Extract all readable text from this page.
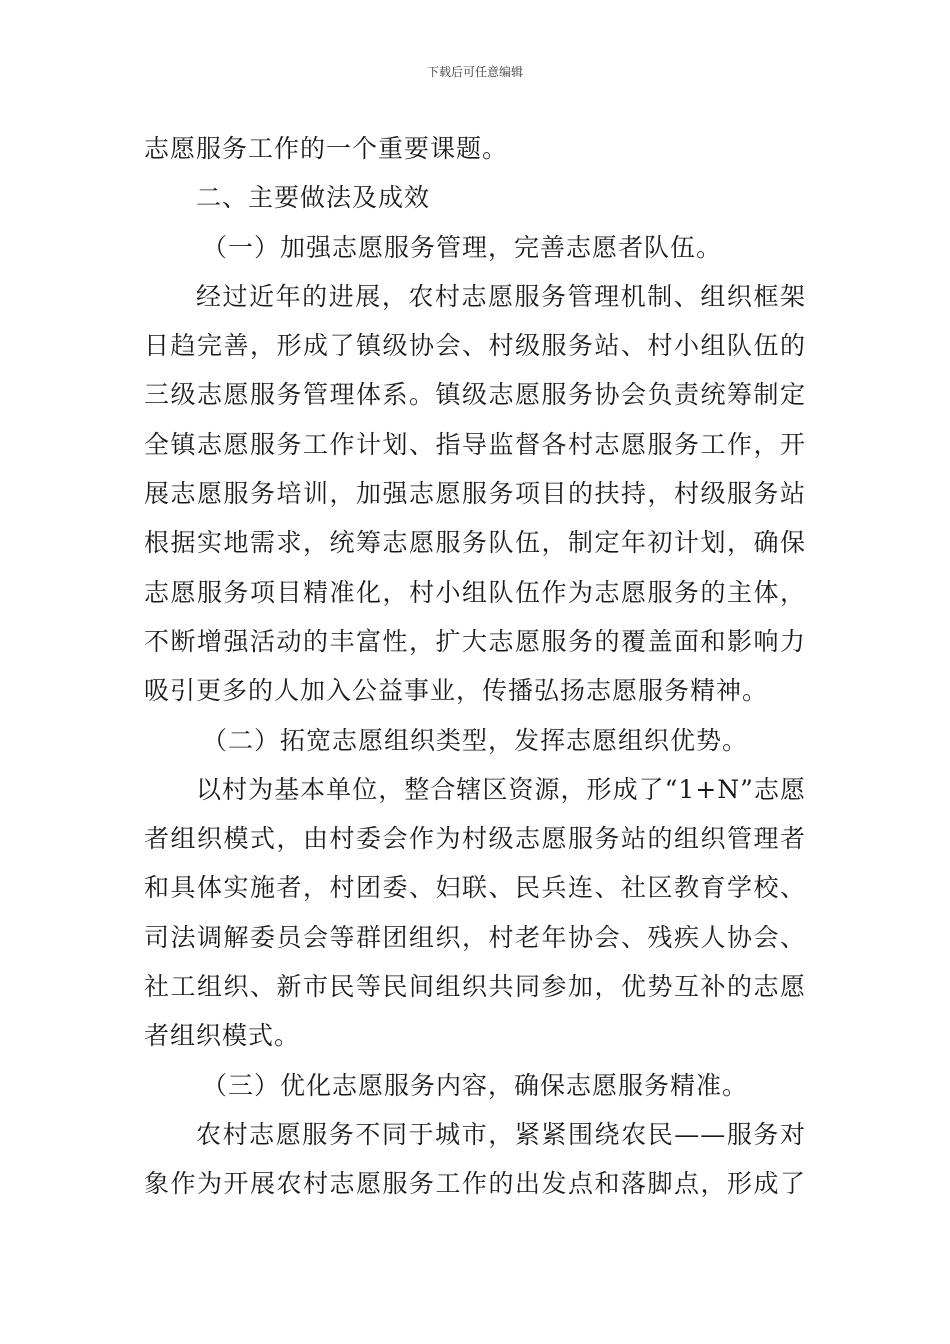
下载后可任意编辑
志愿服务工作的一个重要课题。
二、主要做法及成效
（一）加强志愿服务管理，完善志愿者队伍。
经过近年的进展，农村志愿服务管理机制、组织框架
日趋完善，形成了镇级协会、村级服务站、村小组队伍的
三级志愿服务管理体系。镇级志愿服务协会负责统筹制定
全镇志愿服务工作计划、指导监督各村志愿服务工作，开
展志愿服务培训，加强志愿服务项目的扶持，村级服务站
根据实地需求，统筹志愿服务队伍，制定年初计划，确保
志愿服务项目精准化，村小组队伍作为志愿服务的主体，
不断增强活动的丰富性，扩大志愿服务的覆盖面和影响力
吸引更多的人加入公益事业，传播弘扬志愿服务精神。
（二）拓宽志愿组织类型，发挥志愿组织优势。
以村为基本单位，整合辖区资源，形成了“1+N”志愿
者组织模式，由村委会作为村级志愿服务站的组织管理者
和具体实施者，村团委、妇联、民兵连、社区教育学校、
司法调解委员会等群团组织，村老年协会、残疾人协会、
社工组织、新市民等民间组织共同参加，优势互补的志愿
者组织模式。
（三）优化志愿服务内容，确保志愿服务精准。
农村志愿服务不同于城市，紧紧围绕农民——服务对
象作为开展农村志愿服务工作的出发点和落脚点，形成了
